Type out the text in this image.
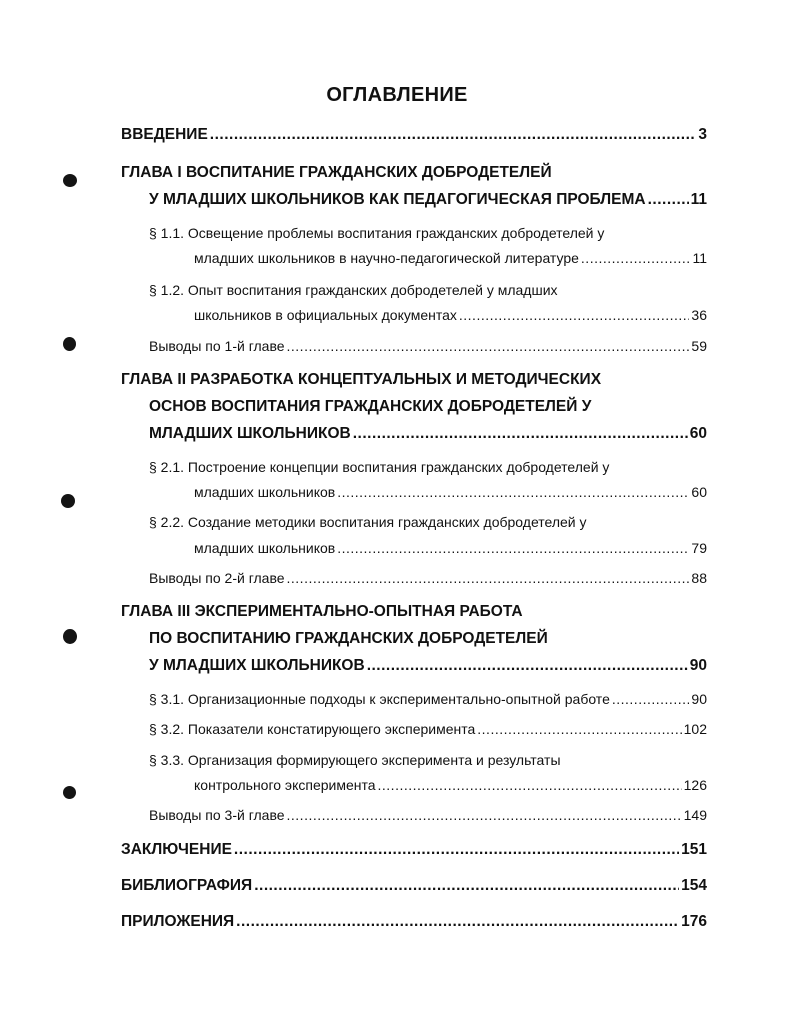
ОГЛАВЛЕНИЕ
ВВЕДЕНИЕ .....	3
ГЛАВА I ВОСПИТАНИЕ ГРАЖДАНСКИХ ДОБРОДЕТЕЛЕЙ
У МЛАДШИХ ШКОЛЬНИКОВ КАК ПЕДАГОГИЧЕСКАЯ ПРОБЛЕМА .....	11
§ 1.1. Освещение проблемы воспитания гражданских добродетелей у
младших школьников в научно-педагогической литературе .....	11
§ 1.2. Опыт воспитания гражданских добродетелей у младших
школьников в официальных документах .....	36
Выводы по 1-й главе .....	59
ГЛАВА II РАЗРАБОТКА КОНЦЕПТУАЛЬНЫХ И МЕТОДИЧЕСКИХ
ОСНОВ ВОСПИТАНИЯ ГРАЖДАНСКИХ ДОБРОДЕТЕЛЕЙ У
МЛАДШИХ ШКОЛЬНИКОВ .....	60
§ 2.1. Построение концепции воспитания гражданских добродетелей у
младших школьников .....	60
§ 2.2. Создание методики воспитания гражданских добродетелей у
младших школьников .....	79
Выводы по 2-й главе .....	88
ГЛАВА III ЭКСПЕРИМЕНТАЛЬНО-ОПЫТНАЯ РАБОТА
ПО ВОСПИТАНИЮ ГРАЖДАНСКИХ ДОБРОДЕТЕЛЕЙ
У МЛАДШИХ ШКОЛЬНИКОВ .....	90
§ 3.1. Организационные подходы к экспериментально-опытной работе .....	90
§ 3.2. Показатели констатирующего эксперимента .....	102
§ 3.3. Организация формирующего эксперимента и результаты
контрольного эксперимента .....	126
Выводы по 3-й главе .....	149
ЗАКЛЮЧЕНИЕ .....	151
БИБЛИОГРАФИЯ .....	154
ПРИЛОЖЕНИЯ .....	176
